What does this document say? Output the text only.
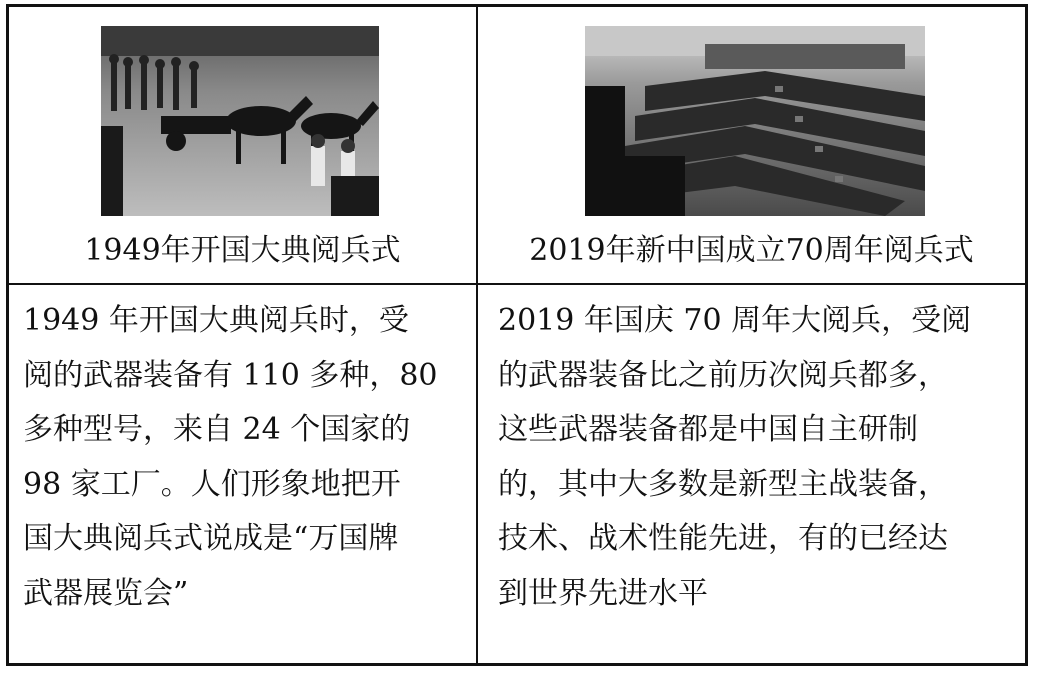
1949年开国大典阅兵式	2019年新中国成立70周年阅兵式
1949 年开国大典阅兵时，受
阅的武器装备有 110 多种，80
多种型号，来自 24 个国家的
98 家工厂。人们形象地把开
国大典阅兵式说成是“万国牌
武器展览会”
2019 年国庆 70 周年大阅兵，受阅
的武器装备比之前历次阅兵都多，
这些武器装备都是中国自主研制
的，其中大多数是新型主战装备，
技术、战术性能先进，有的已经达
到世界先进水平
